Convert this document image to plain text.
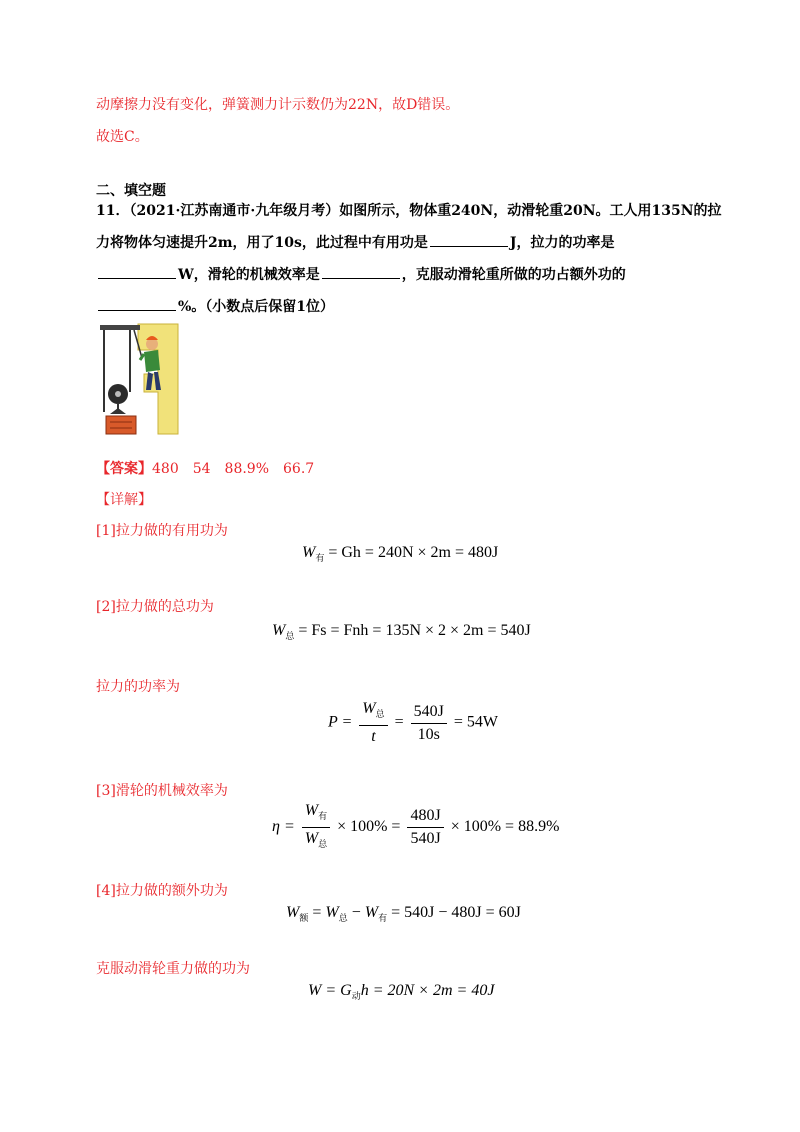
动摩擦力没有变化，弹簧测力计示数仍为22N，故D错误。
故选C。
二、填空题
11．（2021·江苏南通市·九年级月考）如图所示，物体重240N，动滑轮重20N。工人用135N的拉
力将物体匀速提升2m，用了10s，此过程中有用功是	J，拉力的功率是
W，滑轮的机械效率是	，克服动滑轮重所做的功占额外功的
%。（小数点后保留1位）
【答案】480　54　88.9%　66.7
【详解】
[1]拉力做的有用功为
$W_有 = Gh = 240N \times 2m = 480J$
[2]拉力做的总功为
$W_总 = Fs$ = Fnh = 135N × 2 × 2m = 540J
拉力的功率为
$P = \frac{W_总}{t} = \frac{540J}{10s} = 54W$
[3]滑轮的机械效率为
$\eta = \frac{W_有}{W_总} \times 100\% = \frac{480J}{540J} \times 100\% = 88.9\%$
[4]拉力做的额外功为
$W_额 = W_总 - W_有 = 540J - 480J = 60J$
克服动滑轮重力做的功为
$W = G_动h = 20N \times 2m = 40J$
